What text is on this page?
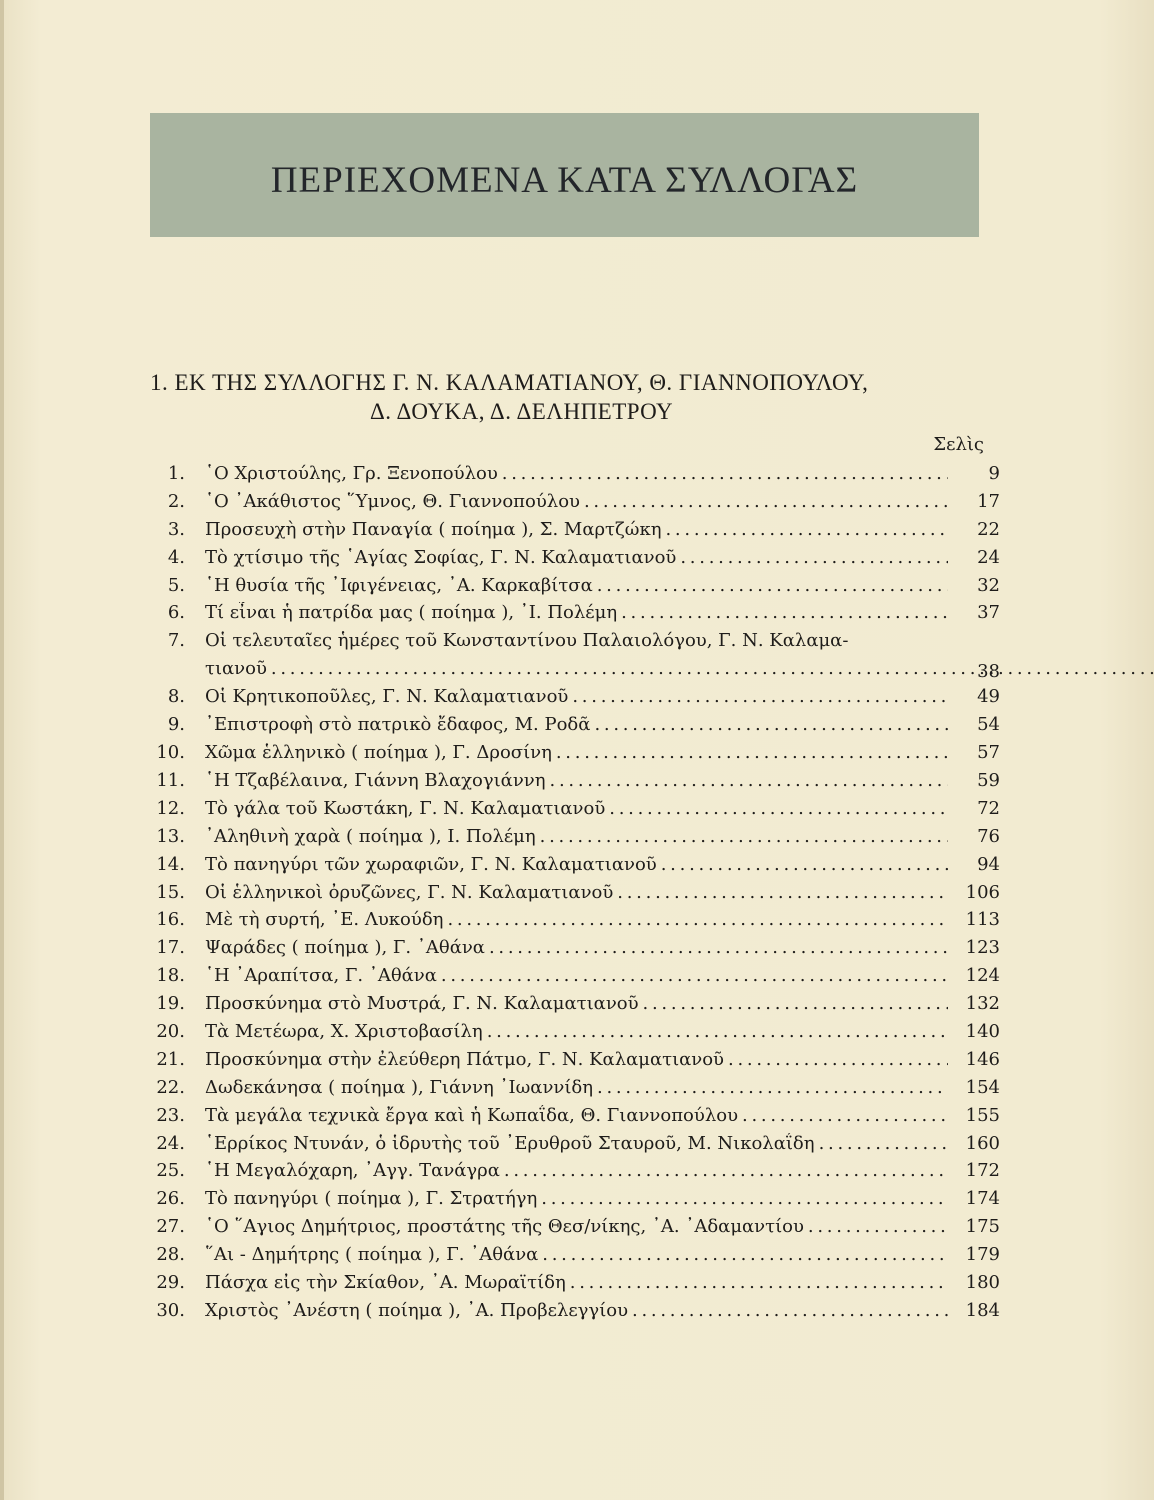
ΠΕΡΙΕΧΟΜΕΝΑ ΚΑΤΑ ΣΥΛΛΟΓΑΣ
1. ΕΚ ΤΗΣ ΣΥΛΛΟΓΗΣ Γ. Ν. ΚΑΛΑΜΑΤΙΑΝΟΥ, Θ. ΓΙΑΝΝΟΠΟΥΛΟΥ,
Δ. ΔΟΥΚΑ, Δ. ΔΕΛΗΠΕΤΡΟΥ
Σελὶς
1. ῾Ο Χριστούλης, Γρ. Ξενοπούλου . . .	9
2. ῾Ο ᾿Ακάθιστος ῞Υμνος, Θ. Γιαννοπούλου . . .	17
3. Προσευχὴ στὴν Παναγία ( ποίημα ), Σ. Μαρτζώκη . . .	22
4. Τὸ χτίσιμο τῆς ῾Αγίας Σοφίας, Γ. Ν. Καλαματιανοῦ . . .	24
5. ῾Η θυσία τῆς ᾿Ιφιγένειας, ᾿Α. Καρκαβίτσα . . .	32
6. Τί εἶναι ἡ πατρίδα μας ( ποίημα ), ᾿Ι. Πολέμη . . .	37
7. Οἱ τελευταῖες ἡμέρες τοῦ Κωνσταντίνου Παλαιολόγου, Γ. Ν. Καλαμα-
τιανοῦ . . .	38
8. Οἱ Κρητικοποῦλες, Γ. Ν. Καλαματιανοῦ . . .	49
9. ᾿Επιστροφὴ στὸ πατρικὸ ἔδαφος, Μ. Ροδᾶ . . .	54
10. Χῶμα ἑλληνικὸ ( ποίημα ), Γ. Δροσίνη . . .	57
11. ῾Η Τζαβέλαινα, Γιάννη Βλαχογιάννη . . .	59
12. Τὸ γάλα τοῦ Κωστάκη, Γ. Ν. Καλαματιανοῦ . . .	72
13. ᾿Αληθινὴ χαρὰ ( ποίημα ), Ι. Πολέμη . . .	76
14. Τὸ πανηγύρι τῶν χωραφιῶν, Γ. Ν. Καλαματιανοῦ . . .	94
15. Οἱ ἑλληνικοὶ ὀρυζῶνες, Γ. Ν. Καλαματιανοῦ . . .	106
16. Μὲ τὴ συρτή, ᾿Ε. Λυκούδη . . .	113
17. Ψαράδες ( ποίημα ), Γ. ᾿Αθάνα . . .	123
18. ῾Η ᾿Αραπίτσα, Γ. ᾿Αθάνα . . .	124
19. Προσκύνημα στὸ Μυστρά, Γ. Ν. Καλαματιανοῦ . . .	132
20. Τὰ Μετέωρα, Χ. Χριστοβασίλη . . .	140
21. Προσκύνημα στὴν ἐλεύθερη Πάτμο, Γ. Ν. Καλαματιανοῦ . . .	146
22. Δωδεκάνησα ( ποίημα ), Γιάννη ᾿Ιωαννίδη . . .	154
23. Τὰ μεγάλα τεχνικὰ ἔργα καὶ ἡ Κωπαΐδα, Θ. Γιαννοπούλου . . .	155
24. ῾Ερρίκος Ντυνάν, ὁ ἱδρυτὴς τοῦ ᾿Ερυθροῦ Σταυροῦ, Μ. Νικολαΐδη . . .	160
25. ῾Η Μεγαλόχαρη, ᾿Αγγ. Τανάγρα . . .	172
26. Τὸ πανηγύρι ( ποίημα ), Γ. Στρατήγη . . .	174
27. ῾Ο ῞Αγιος Δημήτριος, προστάτης τῆς Θεσ/νίκης, ᾿Α. ᾿Αδαμαντίου . . .	175
28. ῞Αι - Δημήτρης ( ποίημα ), Γ. ᾿Αθάνα . . .	179
29. Πάσχα εἰς τὴν Σκίαθον, ᾿Α. Μωραϊτίδη . . .	180
30. Χριστὸς ᾿Ανέστη ( ποίημα ), ᾿Α. Προβελεγγίου . . .	184
